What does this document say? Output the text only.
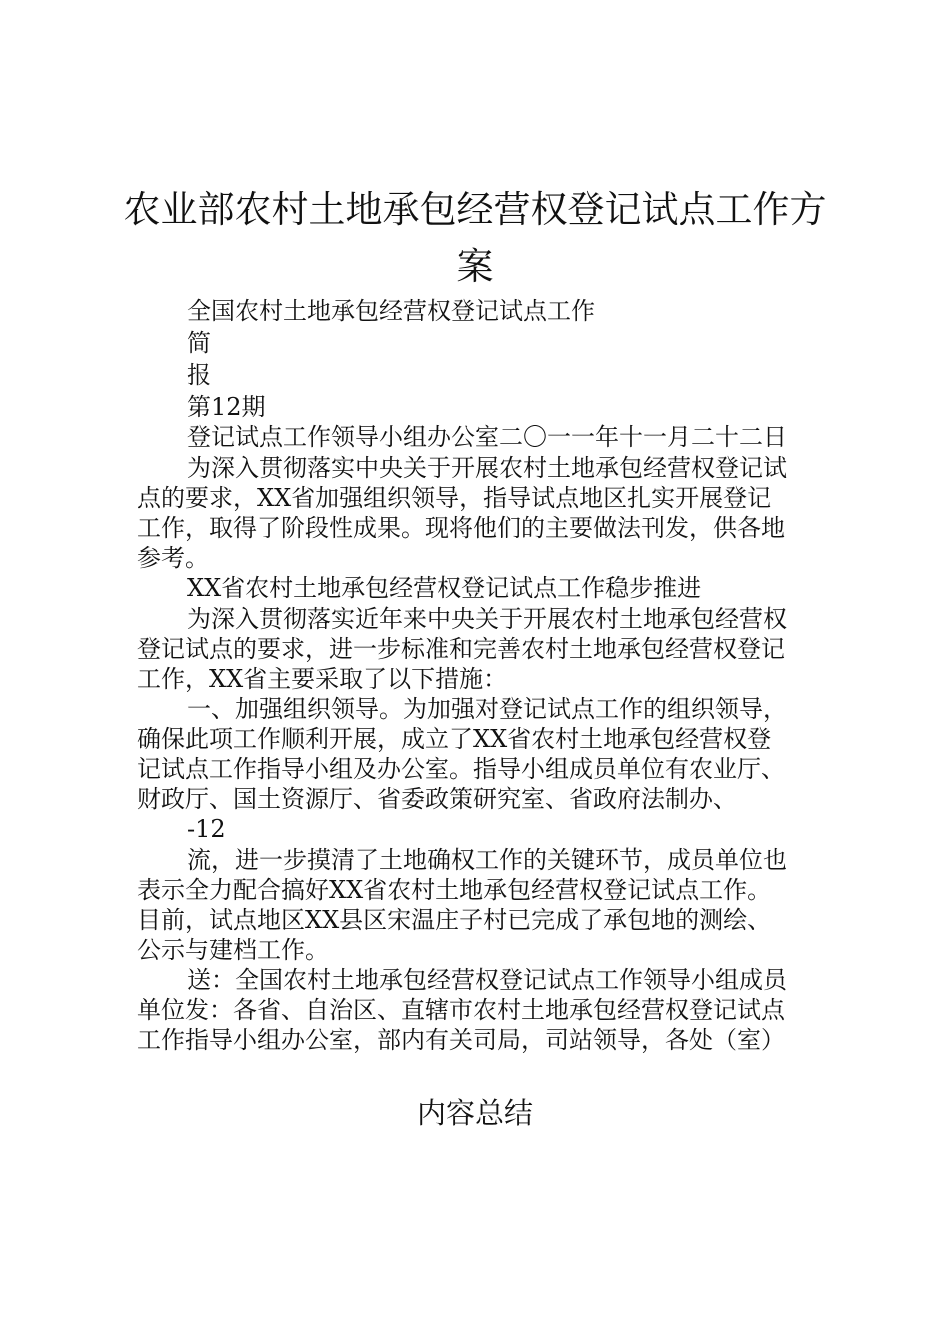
农业部农村土地承包经营权登记试点工作方
案

全国农村土地承包经营权登记试点工作

简

报

第12期

登记试点工作领导小组办公室二〇一一年十一月二十二日

为深入贯彻落实中央关于开展农村土地承包经营权登记试

点的要求，XX省加强组织领导，指导试点地区扎实开展登记

工作，取得了阶段性成果。现将他们的主要做法刊发，供各地

参考。

XX省农村土地承包经营权登记试点工作稳步推进

为深入贯彻落实近年来中央关于开展农村土地承包经营权

登记试点的要求，进一步标准和完善农村土地承包经营权登记

工作，XX省主要采取了以下措施：

一、加强组织领导。为加强对登记试点工作的组织领导，

确保此项工作顺利开展，成立了XX省农村土地承包经营权登

记试点工作指导小组及办公室。指导小组成员单位有农业厅、

财政厅、国土资源厅、省委政策研究室、省政府法制办、

-12

流，进一步摸清了土地确权工作的关键环节，成员单位也

表示全力配合搞好XX省农村土地承包经营权登记试点工作。

目前，试点地区XX县区宋温庄子村已完成了承包地的测绘、

公示与建档工作。

送：全国农村土地承包经营权登记试点工作领导小组成员

单位发：各省、自治区、直辖市农村土地承包经营权登记试点

工作指导小组办公室，部内有关司局，司站领导，各处（室）

内容总结
